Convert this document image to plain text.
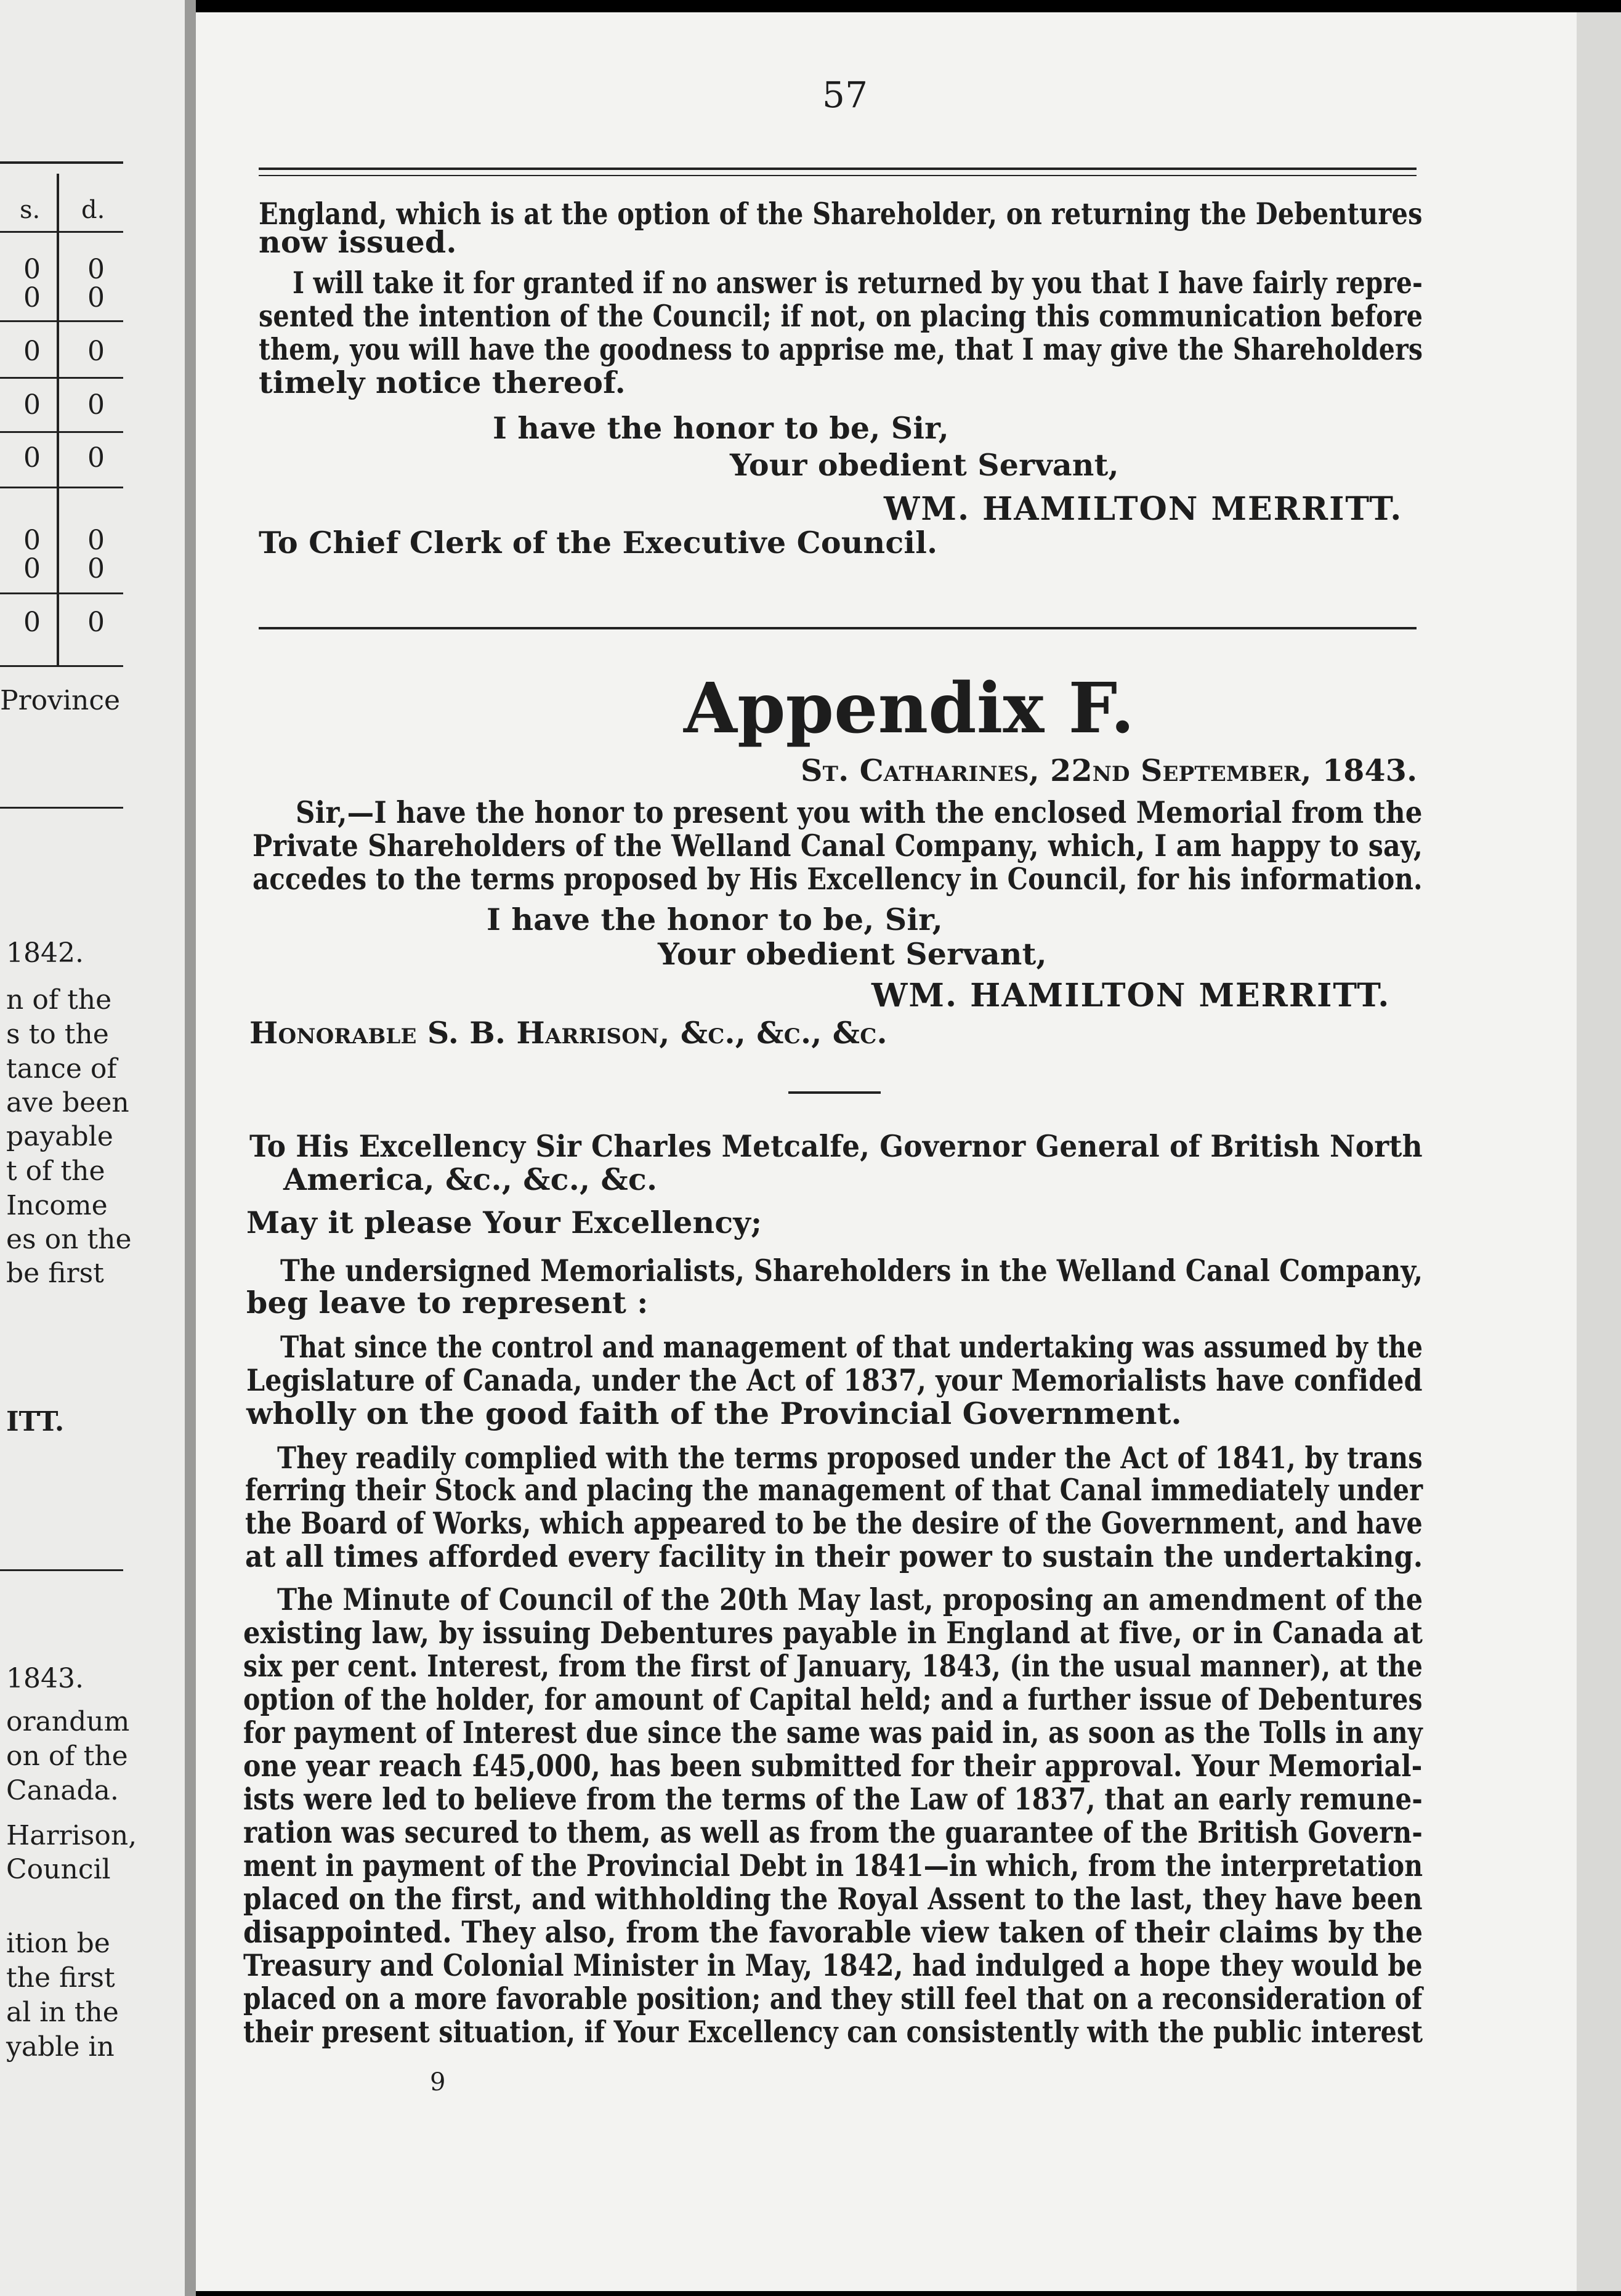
s. d.
0 0
0 0
0 0
0 0
0 0
0 0
0 0
0 0
Province
1842.
n of the
s to the
tance of
ave been
payable
t of the
Income
es on the
be first
ITT.
1843.
orandum
on of the
Canada.
Harrison,
Council
ition be
the first
al in the
yable in
57
England, which is at the option of the Shareholder, on returning the Debentures
now issued.
I will take it for granted if no answer is returned by you that I have fairly repre-
sented the intention of the Council; if not, on placing this communication before
them, you will have the goodness to apprise me, that I may give the Shareholders
timely notice thereof.
I have the honor to be, Sir,
Your obedient Servant,
WM. HAMILTON MERRITT.
To Chief Clerk of the Executive Council.
Appendix F.
St. Catharines, 22nd September, 1843.
Sir,—I have the honor to present you with the enclosed Memorial from the
Private Shareholders of the Welland Canal Company, which, I am happy to say,
accedes to the terms proposed by His Excellency in Council, for his information.
I have the honor to be, Sir,
Your obedient Servant,
WM. HAMILTON MERRITT.
Honorable S. B. Harrison, &c., &c., &c.
To His Excellency Sir Charles Metcalfe, Governor General of British North
America, &c., &c., &c.
May it please Your Excellency;
The undersigned Memorialists, Shareholders in the Welland Canal Company,
beg leave to represent :
That since the control and management of that undertaking was assumed by the
Legislature of Canada, under the Act of 1837, your Memorialists have confided
wholly on the good faith of the Provincial Government.
They readily complied with the terms proposed under the Act of 1841, by trans
ferring their Stock and placing the management of that Canal immediately under
the Board of Works, which appeared to be the desire of the Government, and have
at all times afforded every facility in their power to sustain the undertaking.
The Minute of Council of the 20th May last, proposing an amendment of the
existing law, by issuing Debentures payable in England at five, or in Canada at
six per cent. Interest, from the first of January, 1843, (in the usual manner), at the
option of the holder, for amount of Capital held; and a further issue of Debentures
for payment of Interest due since the same was paid in, as soon as the Tolls in any
one year reach £45,000, has been submitted for their approval. Your Memorial-
ists were led to believe from the terms of the Law of 1837, that an early remune-
ration was secured to them, as well as from the guarantee of the British Govern-
ment in payment of the Provincial Debt in 1841—in which, from the interpretation
placed on the first, and withholding the Royal Assent to the last, they have been
disappointed. They also, from the favorable view taken of their claims by the
Treasury and Colonial Minister in May, 1842, had indulged a hope they would be
placed on a more favorable position; and they still feel that on a reconsideration of
their present situation, if Your Excellency can consistently with the public interest
9
